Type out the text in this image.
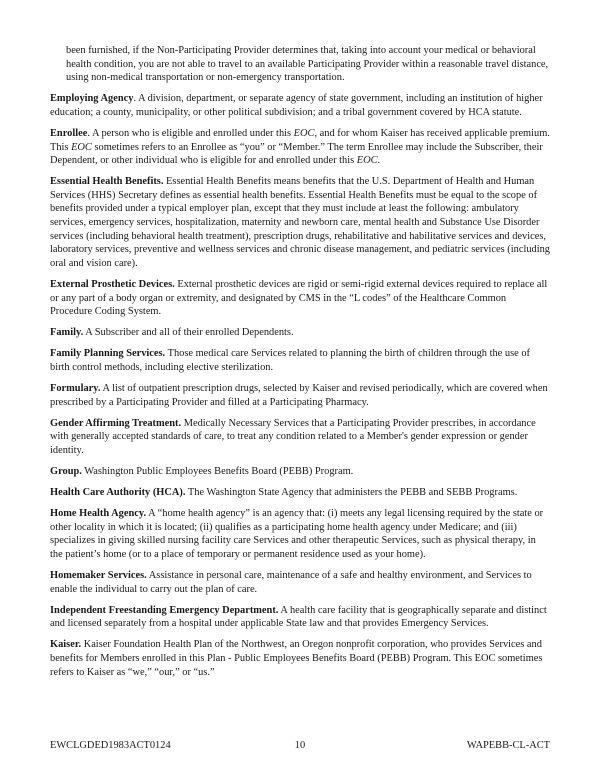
been furnished, if the Non-Participating Provider determines that, taking into account your medical or behavioral health condition, you are not able to travel to an available Participating Provider within a reasonable travel distance, using non-medical transportation or non-emergency transportation.

Employing Agency. A division, department, or separate agency of state government, including an institution of higher education; a county, municipality, or other political subdivision; and a tribal government covered by HCA statute.

Enrollee. A person who is eligible and enrolled under this EOC, and for whom Kaiser has received applicable premium. This EOC sometimes refers to an Enrollee as “you” or “Member.” The term Enrollee may include the Subscriber, their Dependent, or other individual who is eligible for and enrolled under this EOC.

Essential Health Benefits. Essential Health Benefits means benefits that the U.S. Department of Health and Human Services (HHS) Secretary defines as essential health benefits. Essential Health Benefits must be equal to the scope of benefits provided under a typical employer plan, except that they must include at least the following: ambulatory services, emergency services, hospitalization, maternity and newborn care, mental health and Substance Use Disorder services (including behavioral health treatment), prescription drugs, rehabilitative and habilitative services and devices, laboratory services, preventive and wellness services and chronic disease management, and pediatric services (including oral and vision care).

External Prosthetic Devices. External prosthetic devices are rigid or semi-rigid external devices required to replace all or any part of a body organ or extremity, and designated by CMS in the “L codes” of the Healthcare Common Procedure Coding System.

Family. A Subscriber and all of their enrolled Dependents.

Family Planning Services. Those medical care Services related to planning the birth of children through the use of birth control methods, including elective sterilization.

Formulary. A list of outpatient prescription drugs, selected by Kaiser and revised periodically, which are covered when prescribed by a Participating Provider and filled at a Participating Pharmacy.

Gender Affirming Treatment. Medically Necessary Services that a Participating Provider prescribes, in accordance with generally accepted standards of care, to treat any condition related to a Member's gender expression or gender identity.

Group. Washington Public Employees Benefits Board (PEBB) Program.

Health Care Authority (HCA). The Washington State Agency that administers the PEBB and SEBB Programs.

Home Health Agency. A “home health agency” is an agency that: (i) meets any legal licensing required by the state or other locality in which it is located; (ii) qualifies as a participating home health agency under Medicare; and (iii) specializes in giving skilled nursing facility care Services and other therapeutic Services, such as physical therapy, in the patient’s home (or to a place of temporary or permanent residence used as your home).

Homemaker Services. Assistance in personal care, maintenance of a safe and healthy environment, and Services to enable the individual to carry out the plan of care.

Independent Freestanding Emergency Department. A health care facility that is geographically separate and distinct and licensed separately from a hospital under applicable State law and that provides Emergency Services.

Kaiser. Kaiser Foundation Health Plan of the Northwest, an Oregon nonprofit corporation, who provides Services and benefits for Members enrolled in this Plan - Public Employees Benefits Board (PEBB) Program. This EOC sometimes refers to Kaiser as “we,” “our,” or “us.”

EWCLGDED1983ACT0124	10	WAPEBB-CL-ACT
